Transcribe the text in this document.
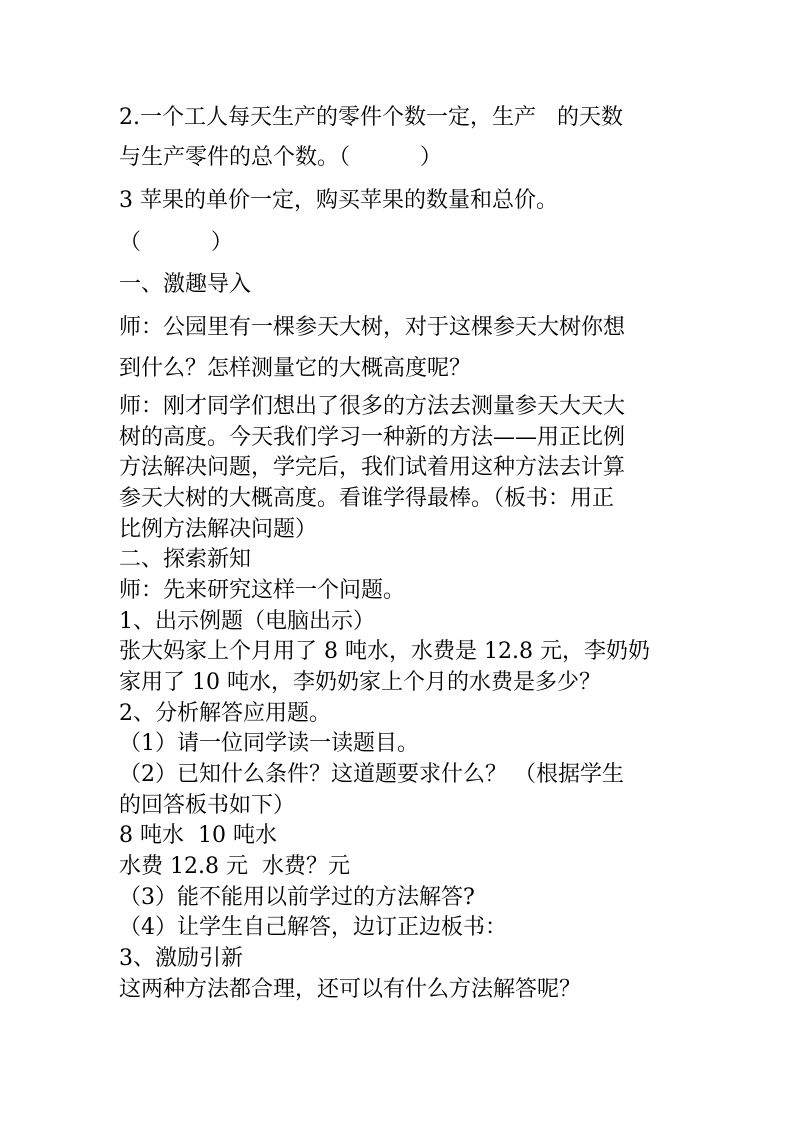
2.一个工人每天生产的零件个数一定，生产   的天数
与生产零件的总个数。（          ）
3 苹果的单价一定，购买苹果的数量和总价。
（          ）
一、激趣导入
师：公园里有一棵参天大树，对于这棵参天大树你想
到什么？怎样测量它的大概高度呢？
师：刚才同学们想出了很多的方法去测量参天大天大
树的高度。今天我们学习一种新的方法——用正比例
方法解决问题，学完后，我们试着用这种方法去计算
参天大树的大概高度。看谁学得最棒。（板书：用正
比例方法解决问题）
二、探索新知
师：先来研究这样一个问题。
1、出示例题（电脑出示）
张大妈家上个月用了 8 吨水，水费是 12.8 元，李奶奶
家用了 10 吨水，李奶奶家上个月的水费是多少？
2、分析解答应用题。
（1）请一位同学读一读题目。
（2）已知什么条件？这道题要求什么？ （根据学生
的回答板书如下）
8 吨水  10 吨水
水费 12.8 元  水费？元
（3）能不能用以前学过的方法解答?
（4）让学生自己解答，边订正边板书：
3、激励引新
这两种方法都合理，还可以有什么方法解答呢？
